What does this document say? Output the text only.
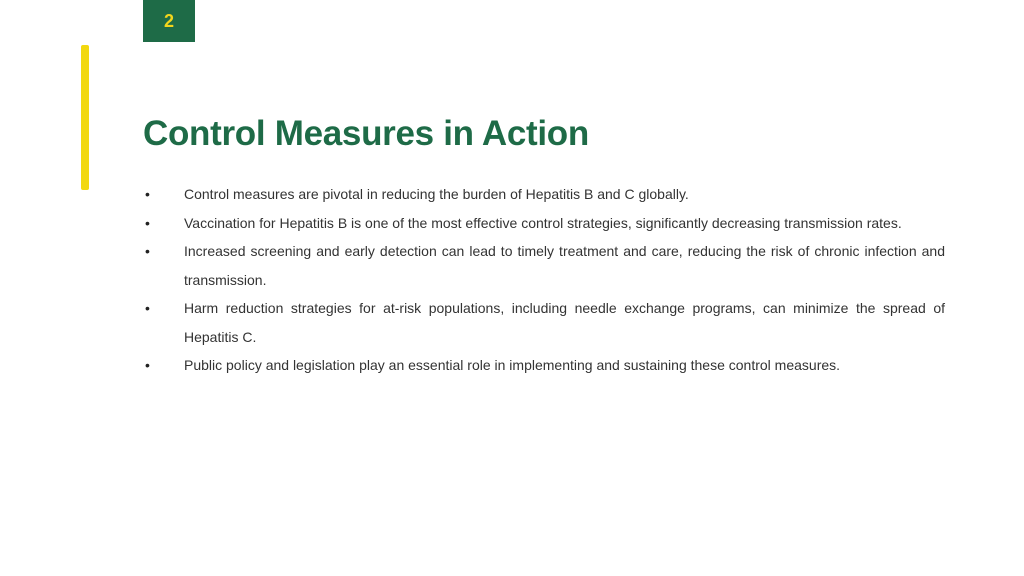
2
Control Measures in Action
• Control measures are pivotal in reducing the burden of Hepatitis B and C globally.
• Vaccination for Hepatitis B is one of the most effective control strategies, significantly decreasing transmission rates.
• Increased screening and early detection can lead to timely treatment and care, reducing the risk of chronic infection and transmission.
• Harm reduction strategies for at-risk populations, including needle exchange programs, can minimize the spread of Hepatitis C.
• Public policy and legislation play an essential role in implementing and sustaining these control measures.
